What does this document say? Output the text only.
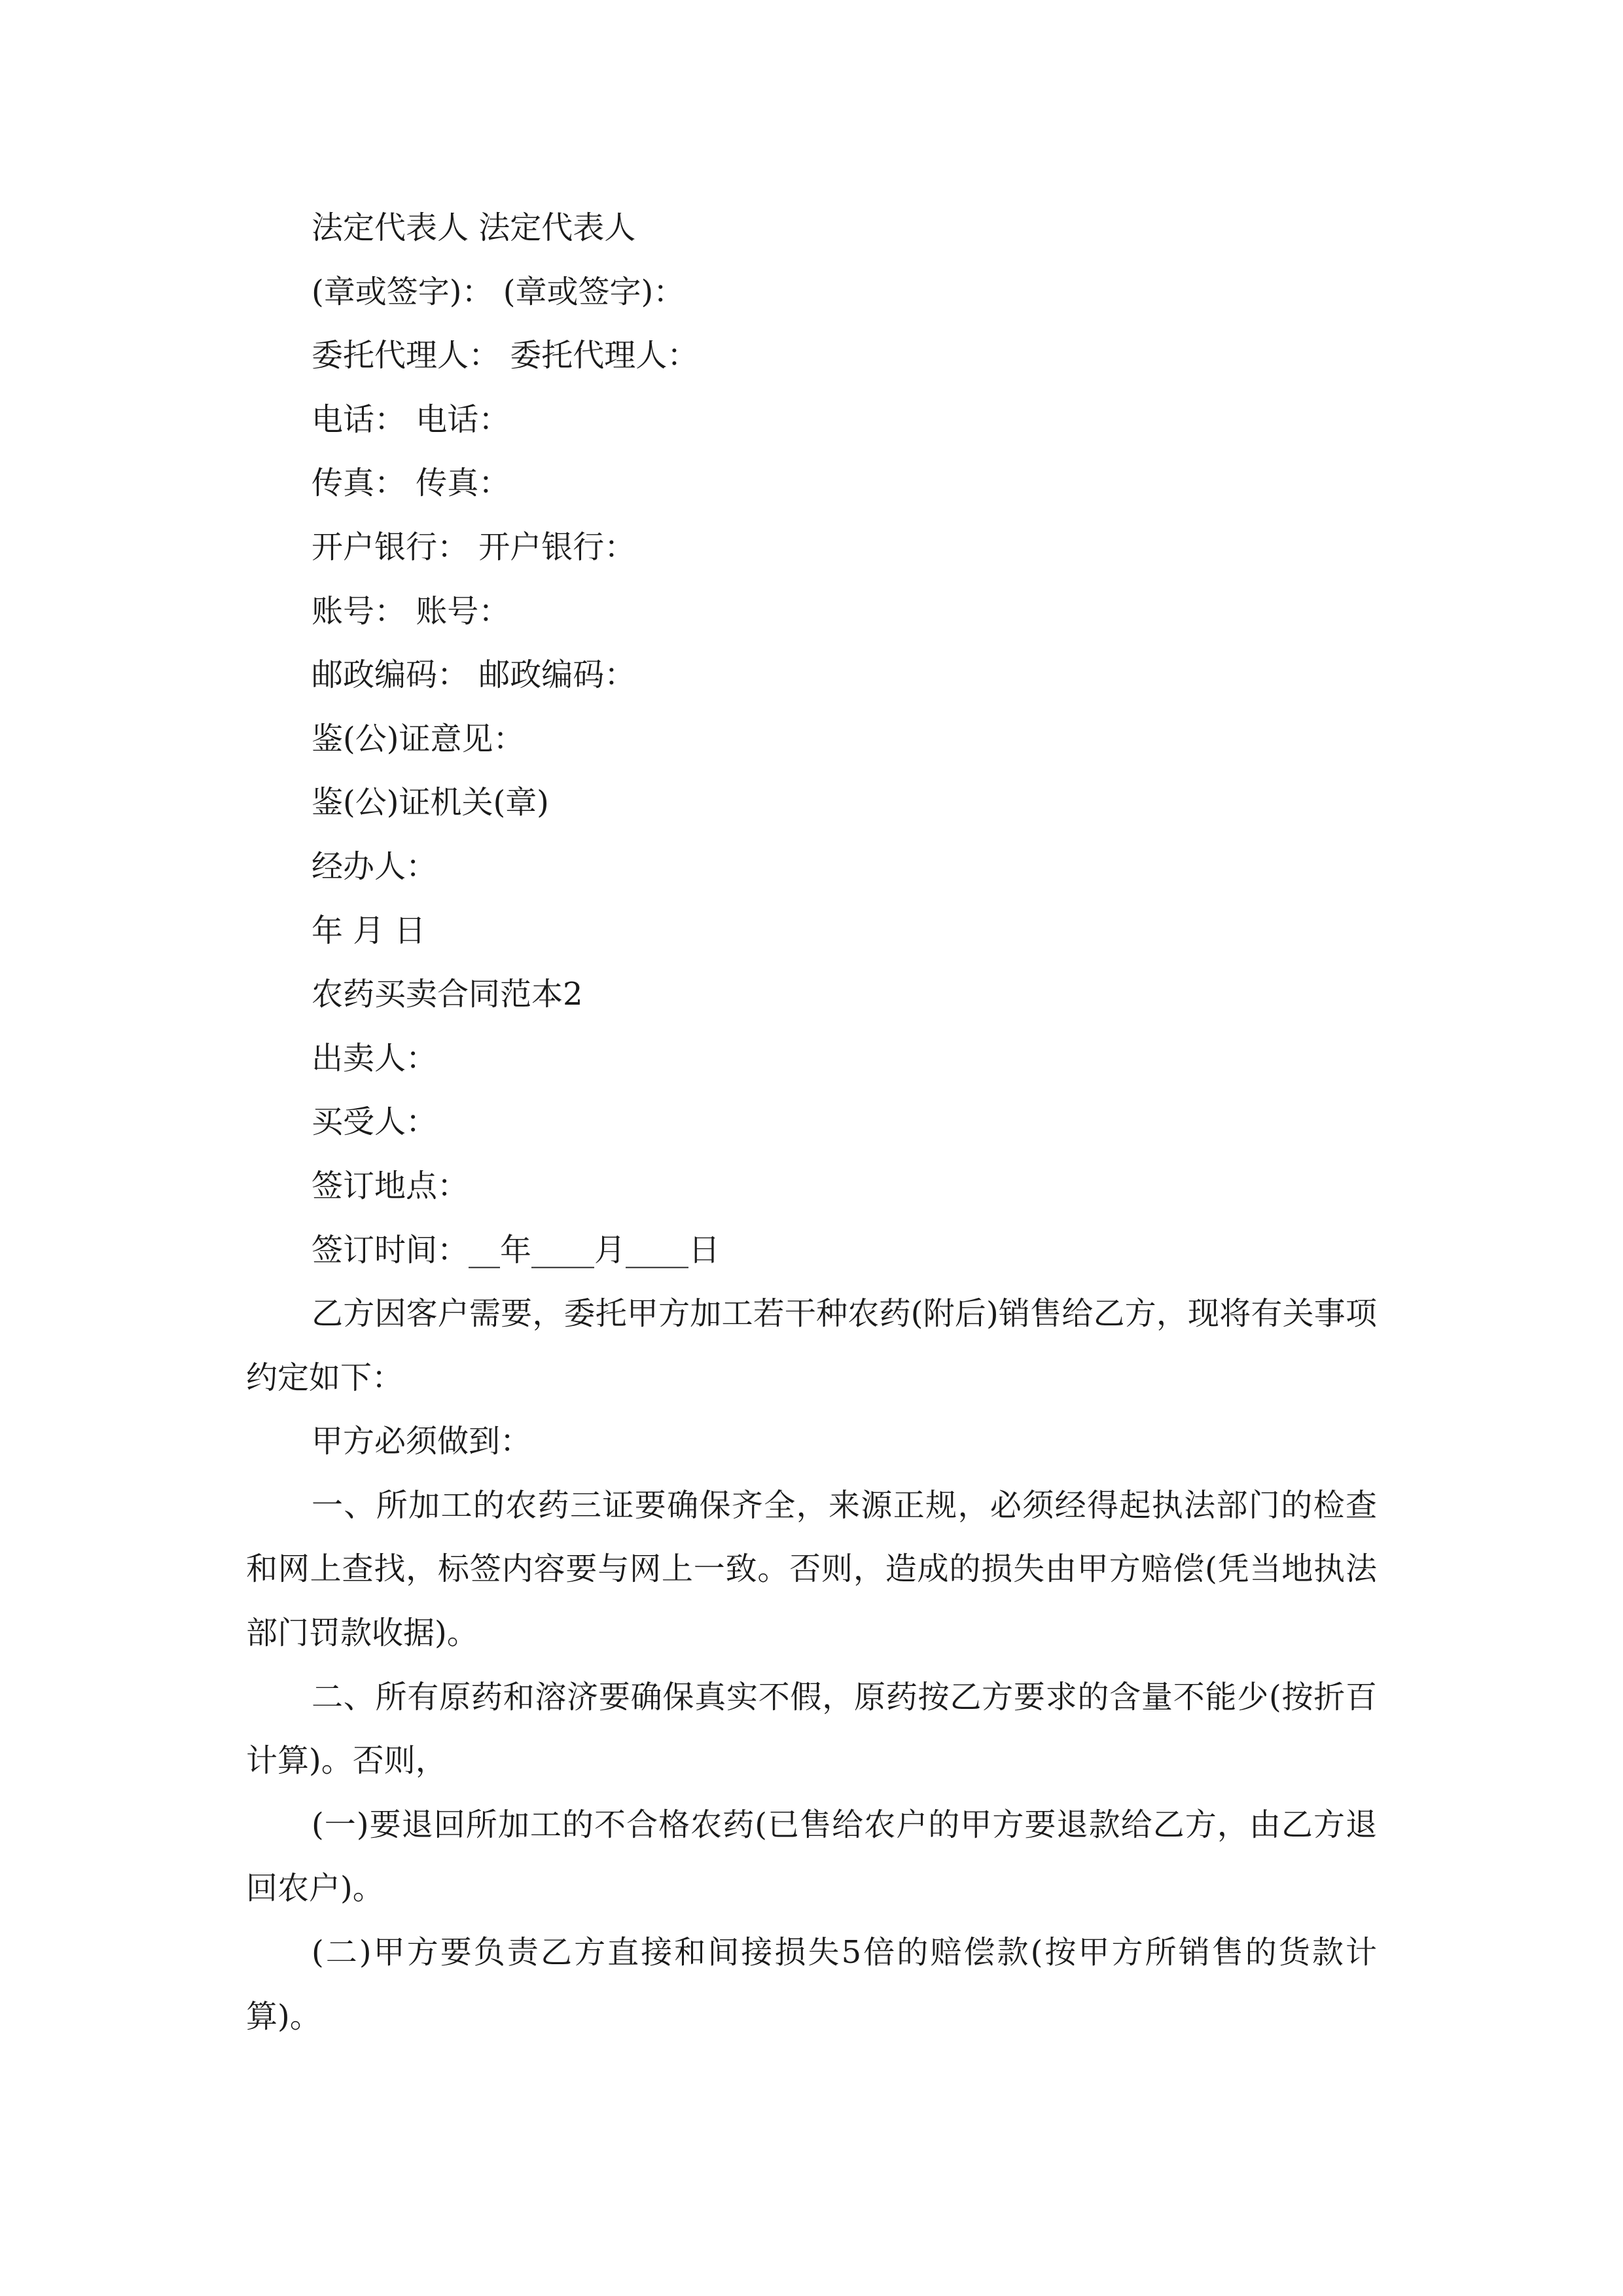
法定代表人 法定代表人

(章或签字)： (章或签字)：

委托代理人： 委托代理人：

电话： 电话：

传真： 传真：

开户银行： 开户银行：

账号： 账号：

邮政编码： 邮政编码：

鉴(公)证意见：

鉴(公)证机关(章)

经办人：

年 月 日

农药买卖合同范本2

出卖人：

买受人：

签订地点：

签订时间：__年____月____日

乙方因客户需要，委托甲方加工若干种农药(附后)销售给乙方，现将有关事项约定如下：

甲方必须做到：

一、所加工的农药三证要确保齐全，来源正规，必须经得起执法部门的检查和网上查找，标签内容要与网上一致。否则，造成的损失由甲方赔偿(凭当地执法部门罚款收据)。

二、所有原药和溶济要确保真实不假，原药按乙方要求的含量不能少(按折百计算)。否则，

(一)要退回所加工的不合格农药(已售给农户的甲方要退款给乙方，由乙方退回农户)。

(二)甲方要负责乙方直接和间接损失5倍的赔偿款(按甲方所销售的货款计算)。
